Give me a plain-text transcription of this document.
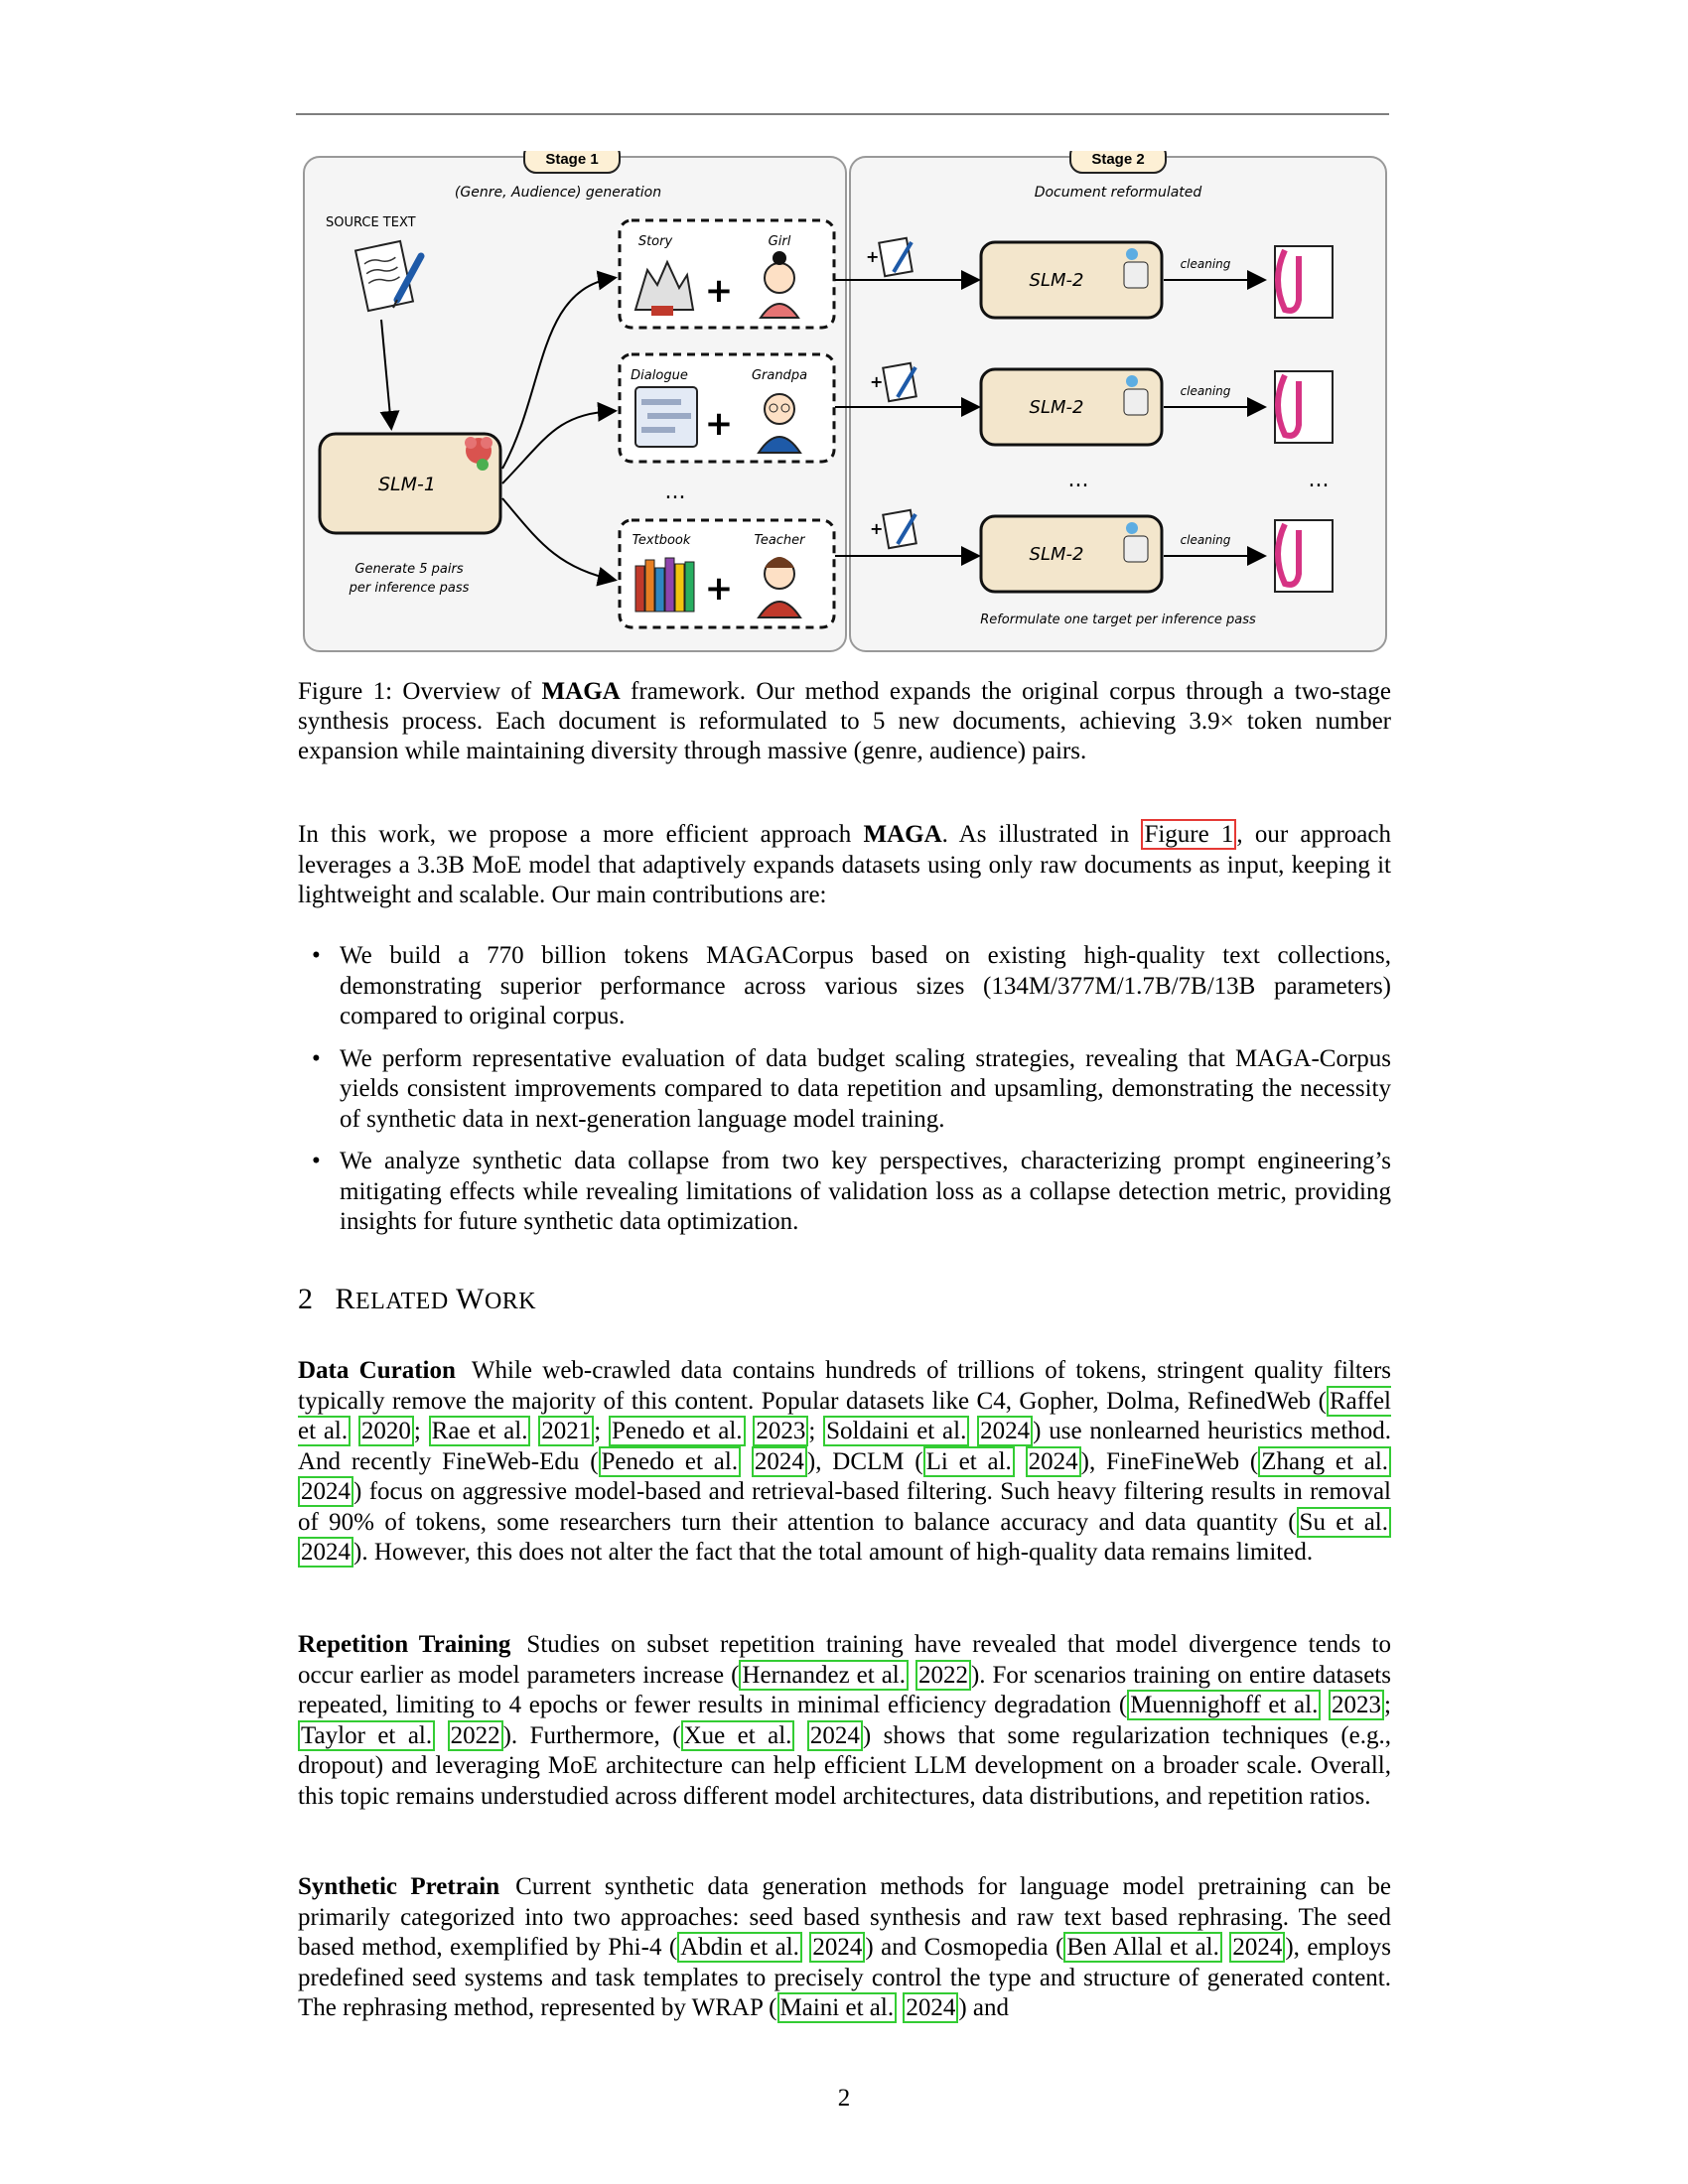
Stage 1	Stage 2
(Genre, Audience) generation	Document reformulated
SOURCE TEXT
SLM-1
Generate 5 pairs
per inference pass
Story	Girl
+
Dialogue	Grandpa
+
...
Textbook	Teacher
+
+
+
+
SLM-2
SLM-2
...
SLM-2
cleaning
cleaning
cleaning
...
Reformulate one target per inference pass
Figure 1: Overview of MAGA framework. Our method expands the original corpus through a two-stage synthesis process. Each document is reformulated to 5 new documents, achieving 3.9× token number expansion while maintaining diversity through massive (genre, audience) pairs.
In this work, we propose a more efficient approach MAGA. As illustrated in Figure 1 , our approach leverages a 3.3B MoE model that adaptively expands datasets using only raw documents as input, keeping it lightweight and scalable. Our main contributions are:
• We build a 770 billion tokens MAGACorpus based on existing high-quality text collections, demonstrating superior performance across various sizes (134M/377M/1.7B/7B/13B parameters) compared to original corpus.
• We perform representative evaluation of data budget scaling strategies, revealing that MAGA-Corpus yields consistent improvements compared to data repetition and upsamling, demonstrating the necessity of synthetic data in next-generation language model training.
• We analyze synthetic data collapse from two key perspectives, characterizing prompt engineering’s mitigating effects while revealing limitations of validation loss as a collapse detection metric, providing insights for future synthetic data optimization.
2 RELATED WORK
Data Curation While web-crawled data contains hundreds of trillions of tokens, stringent quality filters typically remove the majority of this content. Popular datasets like C4, Gopher, Dolma, RefinedWeb ( Raffel et al. 2020 ; Rae et al. 2021 ; Penedo et al. 2023 ; Soldaini et al. 2024 ) use nonlearned heuristics method. And recently FineWeb-Edu ( Penedo et al. 2024 ), DCLM ( Li et al. 2024 ), FineFineWeb ( Zhang et al. 2024 ) focus on aggressive model-based and retrieval-based filtering. Such heavy filtering results in removal of 90% of tokens, some researchers turn their attention to balance accuracy and data quantity ( Su et al. 2024 ). However, this does not alter the fact that the total amount of high-quality data remains limited.
Repetition Training Studies on subset repetition training have revealed that model divergence tends to occur earlier as model parameters increase ( Hernandez et al. 2022 ). For scenarios training on entire datasets repeated, limiting to 4 epochs or fewer results in minimal efficiency degradation ( Muennighoff et al. 2023 ; Taylor et al. 2022 ). Furthermore, ( Xue et al. 2024 ) shows that some regularization techniques (e.g., dropout) and leveraging MoE architecture can help efficient LLM development on a broader scale. Overall, this topic remains understudied across different model architectures, data distributions, and repetition ratios.
Synthetic Pretrain Current synthetic data generation methods for language model pretraining can be primarily categorized into two approaches: seed based synthesis and raw text based rephrasing. The seed based method, exemplified by Phi-4 ( Abdin et al. 2024 ) and Cosmopedia ( Ben Allal et al. 2024 ), employs predefined seed systems and task templates to precisely control the type and structure of generated content. The rephrasing method, represented by WRAP ( Maini et al. 2024 ) and
2
